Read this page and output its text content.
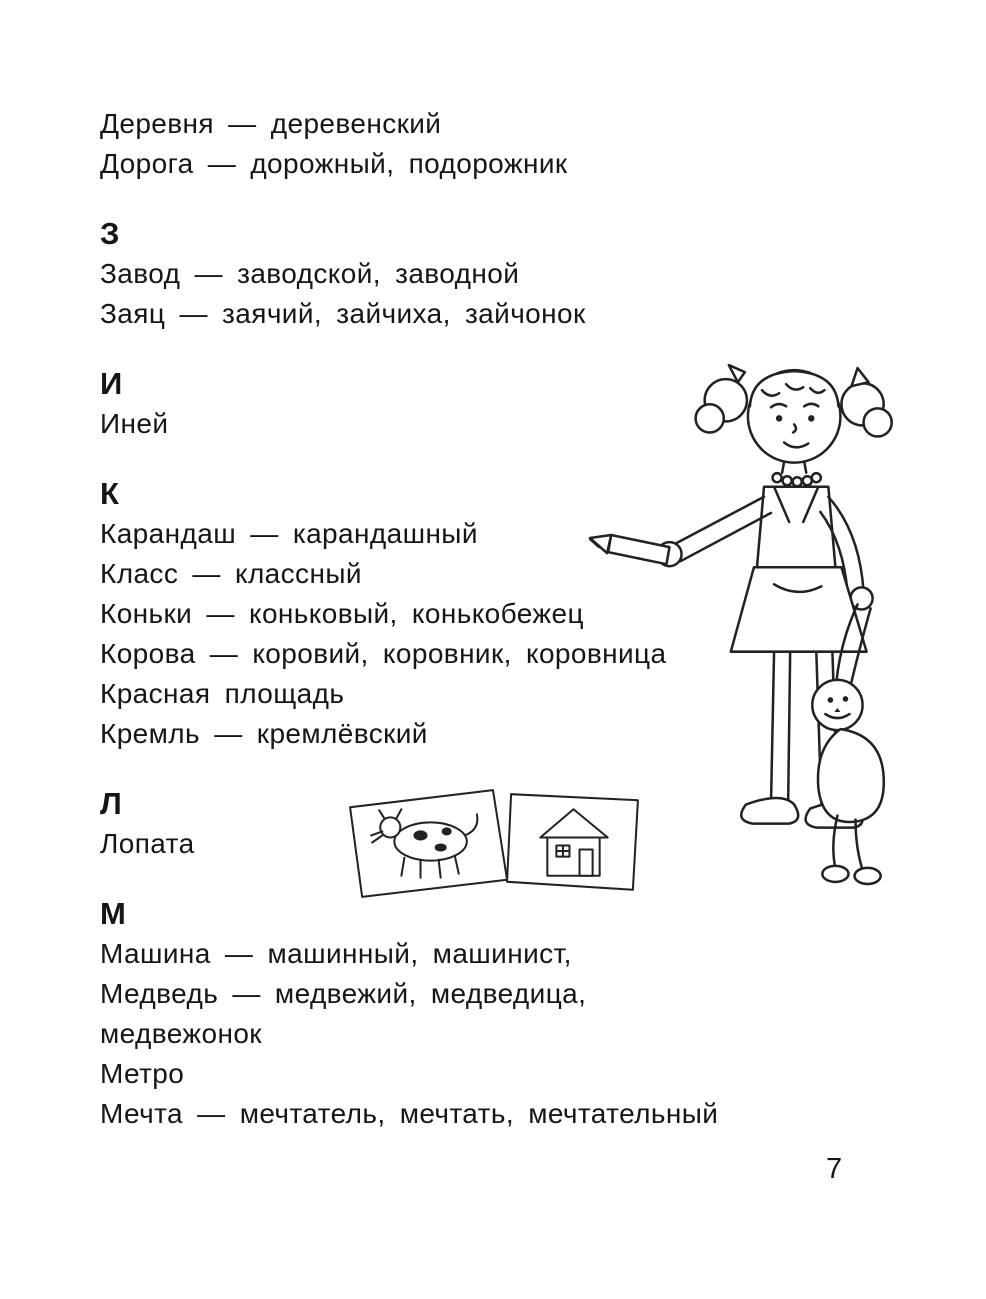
Деревня — деревенский

Дорога — дорожный, подорожник

З

Завод — заводской, заводной

Заяц — заячий, зайчиха, зайчонок

И

Иней

К

Карандаш — карандашный

Класс — классный

Коньки — коньковый, конькобежец

Корова — коровий, коровник, коровница

Красная площадь

Кремль — кремлёвский

Л

Лопата

М

Машина — машинный, машинист,

Медведь — медвежий, медведица,

медвежонок

Метро

Мечта — мечтатель, мечтать, мечтательный

7
